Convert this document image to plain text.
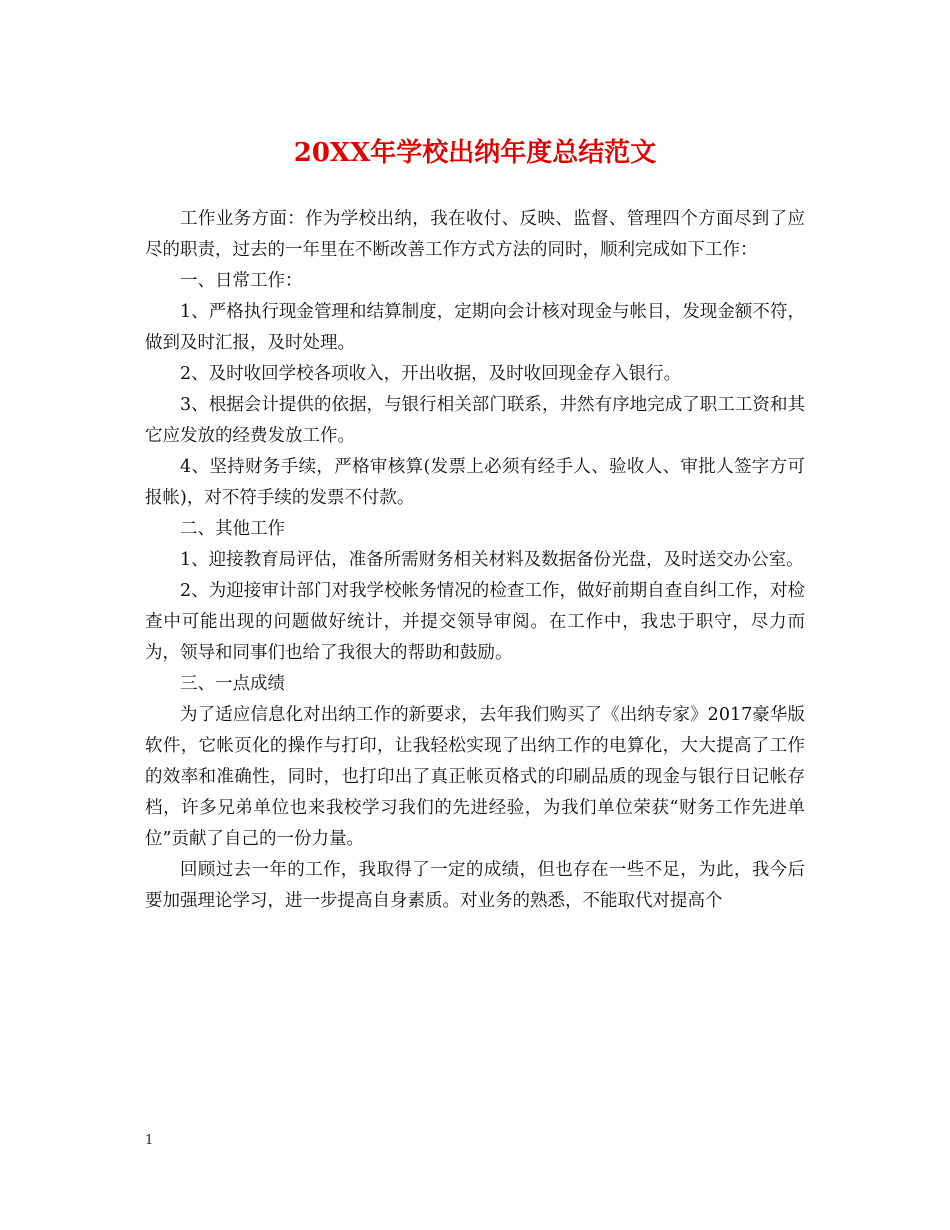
20XX年学校出纳年度总结范文

工作业务方面：作为学校出纳，我在收付、反映、监督、管理四个方面尽到了应尽的职责，过去的一年里在不断改善工作方式方法的同时，顺利完成如下工作：

一、日常工作：

1、严格执行现金管理和结算制度，定期向会计核对现金与帐目，发现金额不符，做到及时汇报，及时处理。

2、及时收回学校各项收入，开出收据，及时收回现金存入银行。

3、根据会计提供的依据，与银行相关部门联系，井然有序地完成了职工工资和其它应发放的经费发放工作。

4、坚持财务手续，严格审核算(发票上必须有经手人、验收人、审批人签字方可报帐)，对不符手续的发票不付款。

二、其他工作

1、迎接教育局评估，准备所需财务相关材料及数据备份光盘，及时送交办公室。

2、为迎接审计部门对我学校帐务情况的检查工作，做好前期自查自纠工作，对检查中可能出现的问题做好统计，并提交领导审阅。在工作中，我忠于职守，尽力而为，领导和同事们也给了我很大的帮助和鼓励。

三、一点成绩

为了适应信息化对出纳工作的新要求，去年我们购买了《出纳专家》2017豪华版软件，它帐页化的操作与打印，让我轻松实现了出纳工作的电算化，大大提高了工作的效率和准确性，同时，也打印出了真正帐页格式的印刷品质的现金与银行日记帐存档，许多兄弟单位也来我校学习我们的先进经验，为我们单位荣获“财务工作先进单位”贡献了自己的一份力量。

回顾过去一年的工作，我取得了一定的成绩，但也存在一些不足，为此，我今后要加强理论学习，进一步提高自身素质。对业务的熟悉，不能取代对提高个

1
